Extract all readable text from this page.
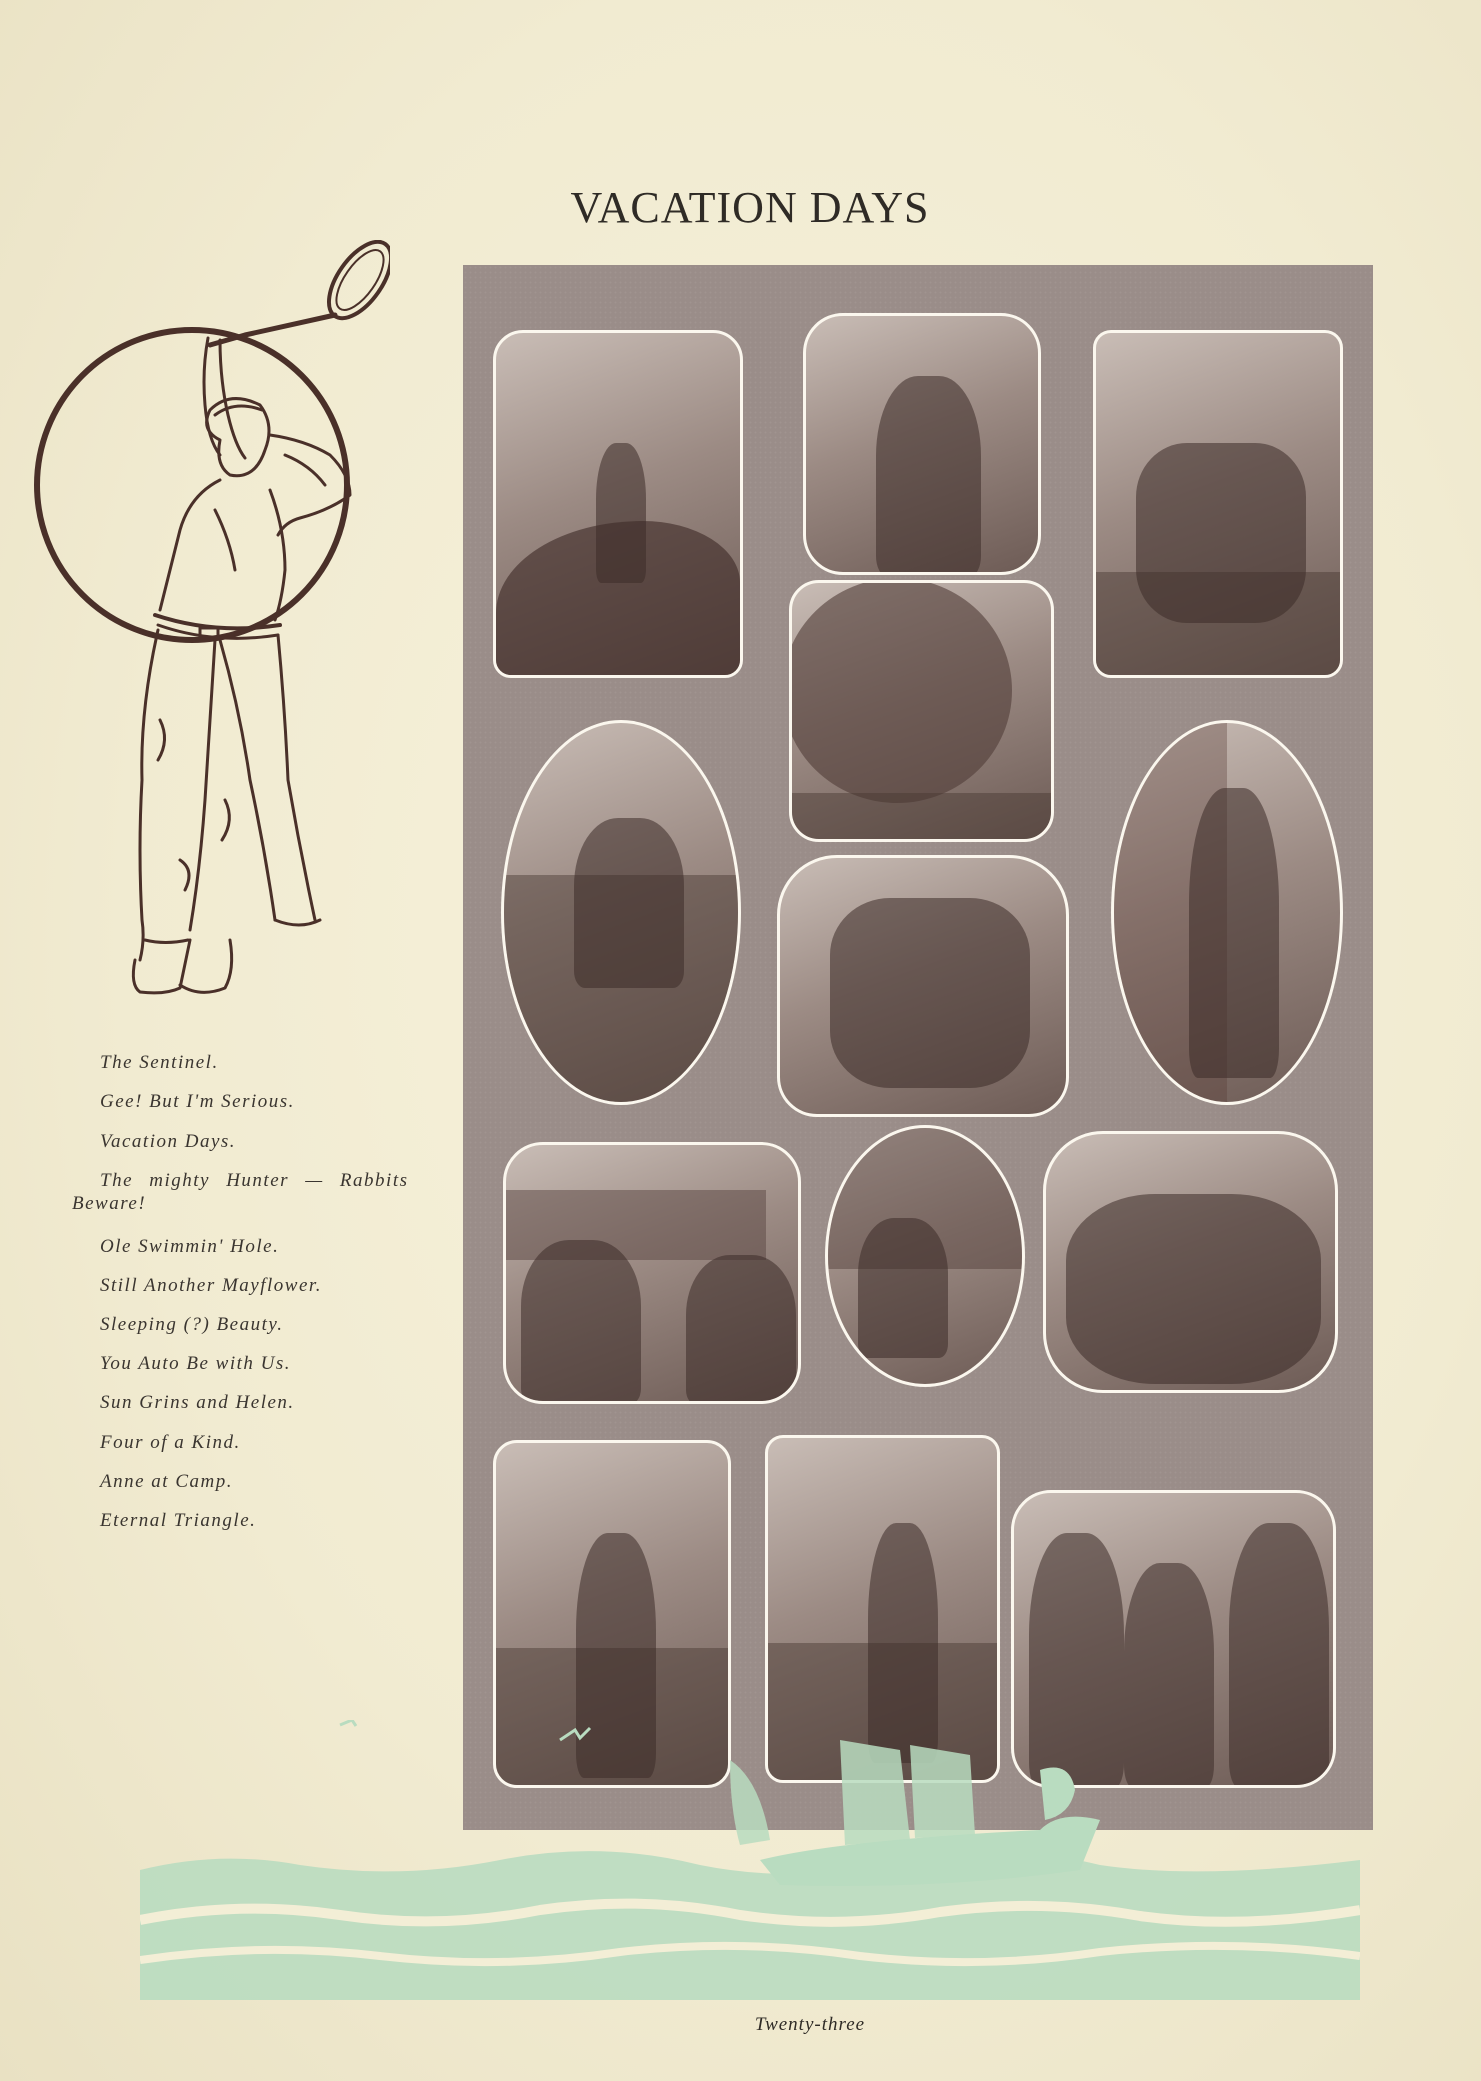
VACATION DAYS
The Sentinel.
Gee! But I'm Serious.
Vacation Days.
The mighty Hunter — Rabbits
Beware!
Ole Swimmin' Hole.
Still Another Mayflower.
Sleeping (?) Beauty.
You Auto Be with Us.
Sun Grins and Helen.
Four of a Kind.
Anne at Camp.
Eternal Triangle.
Twenty-three
